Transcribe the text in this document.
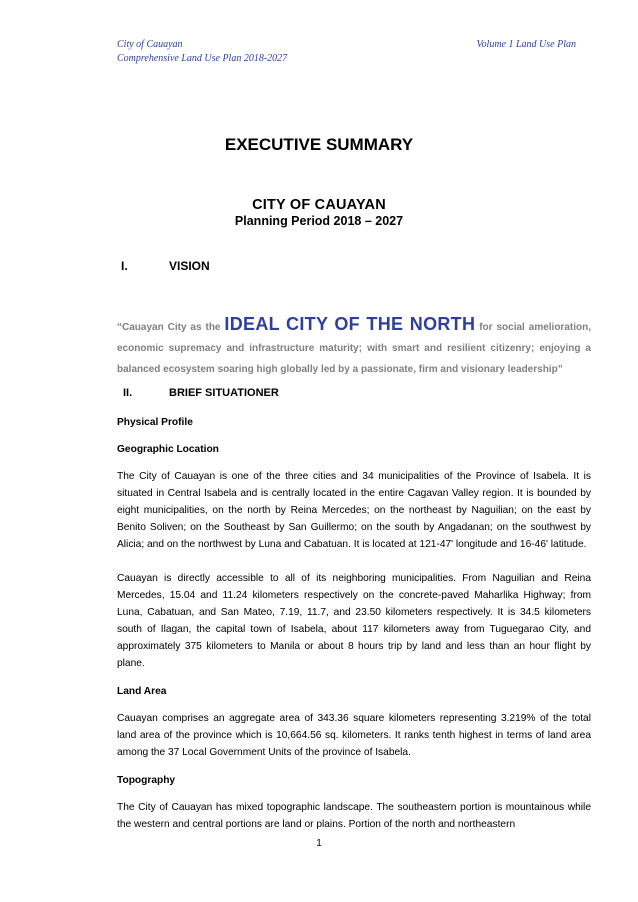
City of Cauayan
Comprehensive Land Use Plan 2018-2027
Volume 1 Land Use Plan
EXECUTIVE SUMMARY
CITY OF CAUAYAN
Planning Period 2018 – 2027
I.	VISION
“Cauayan City as the IDEAL CITY OF THE NORTH for social amelioration, economic supremacy and infrastructure maturity; with smart and resilient citizenry; enjoying a balanced ecosystem soaring high globally led by a passionate, firm and visionary leadership”
II.	BRIEF SITUATIONER

Physical Profile

Geographic Location

The City of Cauayan is one of the three cities and 34 municipalities of the Province of Isabela. It is situated in Central Isabela and is centrally located in the entire Cagavan Valley region. It is bounded by eight municipalities, on the north by Reina Mercedes; on the northeast by Naguilian; on the east by Benito Soliven; on the Southeast by San Guillermo; on the south by Angadanan; on the southwest by Alicia; and on the northwest by Luna and Cabatuan. It is located at 121-47' longitude and 16-46' latitude.

Cauayan is directly accessible to all of its neighboring municipalities. From Naguilian and Reina Mercedes, 15.04 and 11.24 kilometers respectively on the concrete-paved Maharlika Highway; from Luna, Cabatuan, and San Mateo, 7.19, 11.7, and 23.50 kilometers respectively. It is 34.5 kilometers south of Ilagan, the capital town of Isabela, about 117 kilometers away from Tuguegarao City, and approximately 375 kilometers to Manila or about 8 hours trip by land and less than an hour flight by plane.

Land Area

Cauayan comprises an aggregate area of 343.36 square kilometers representing 3.219% of the total land area of the province which is 10,664.56 sq. kilometers. It ranks tenth highest in terms of land area among the 37 Local Government Units of the province of Isabela.

Topography

The City of Cauayan has mixed topographic landscape. The southeastern portion is mountainous while the western and central portions are land or plains. Portion of the north and northeastern

1
